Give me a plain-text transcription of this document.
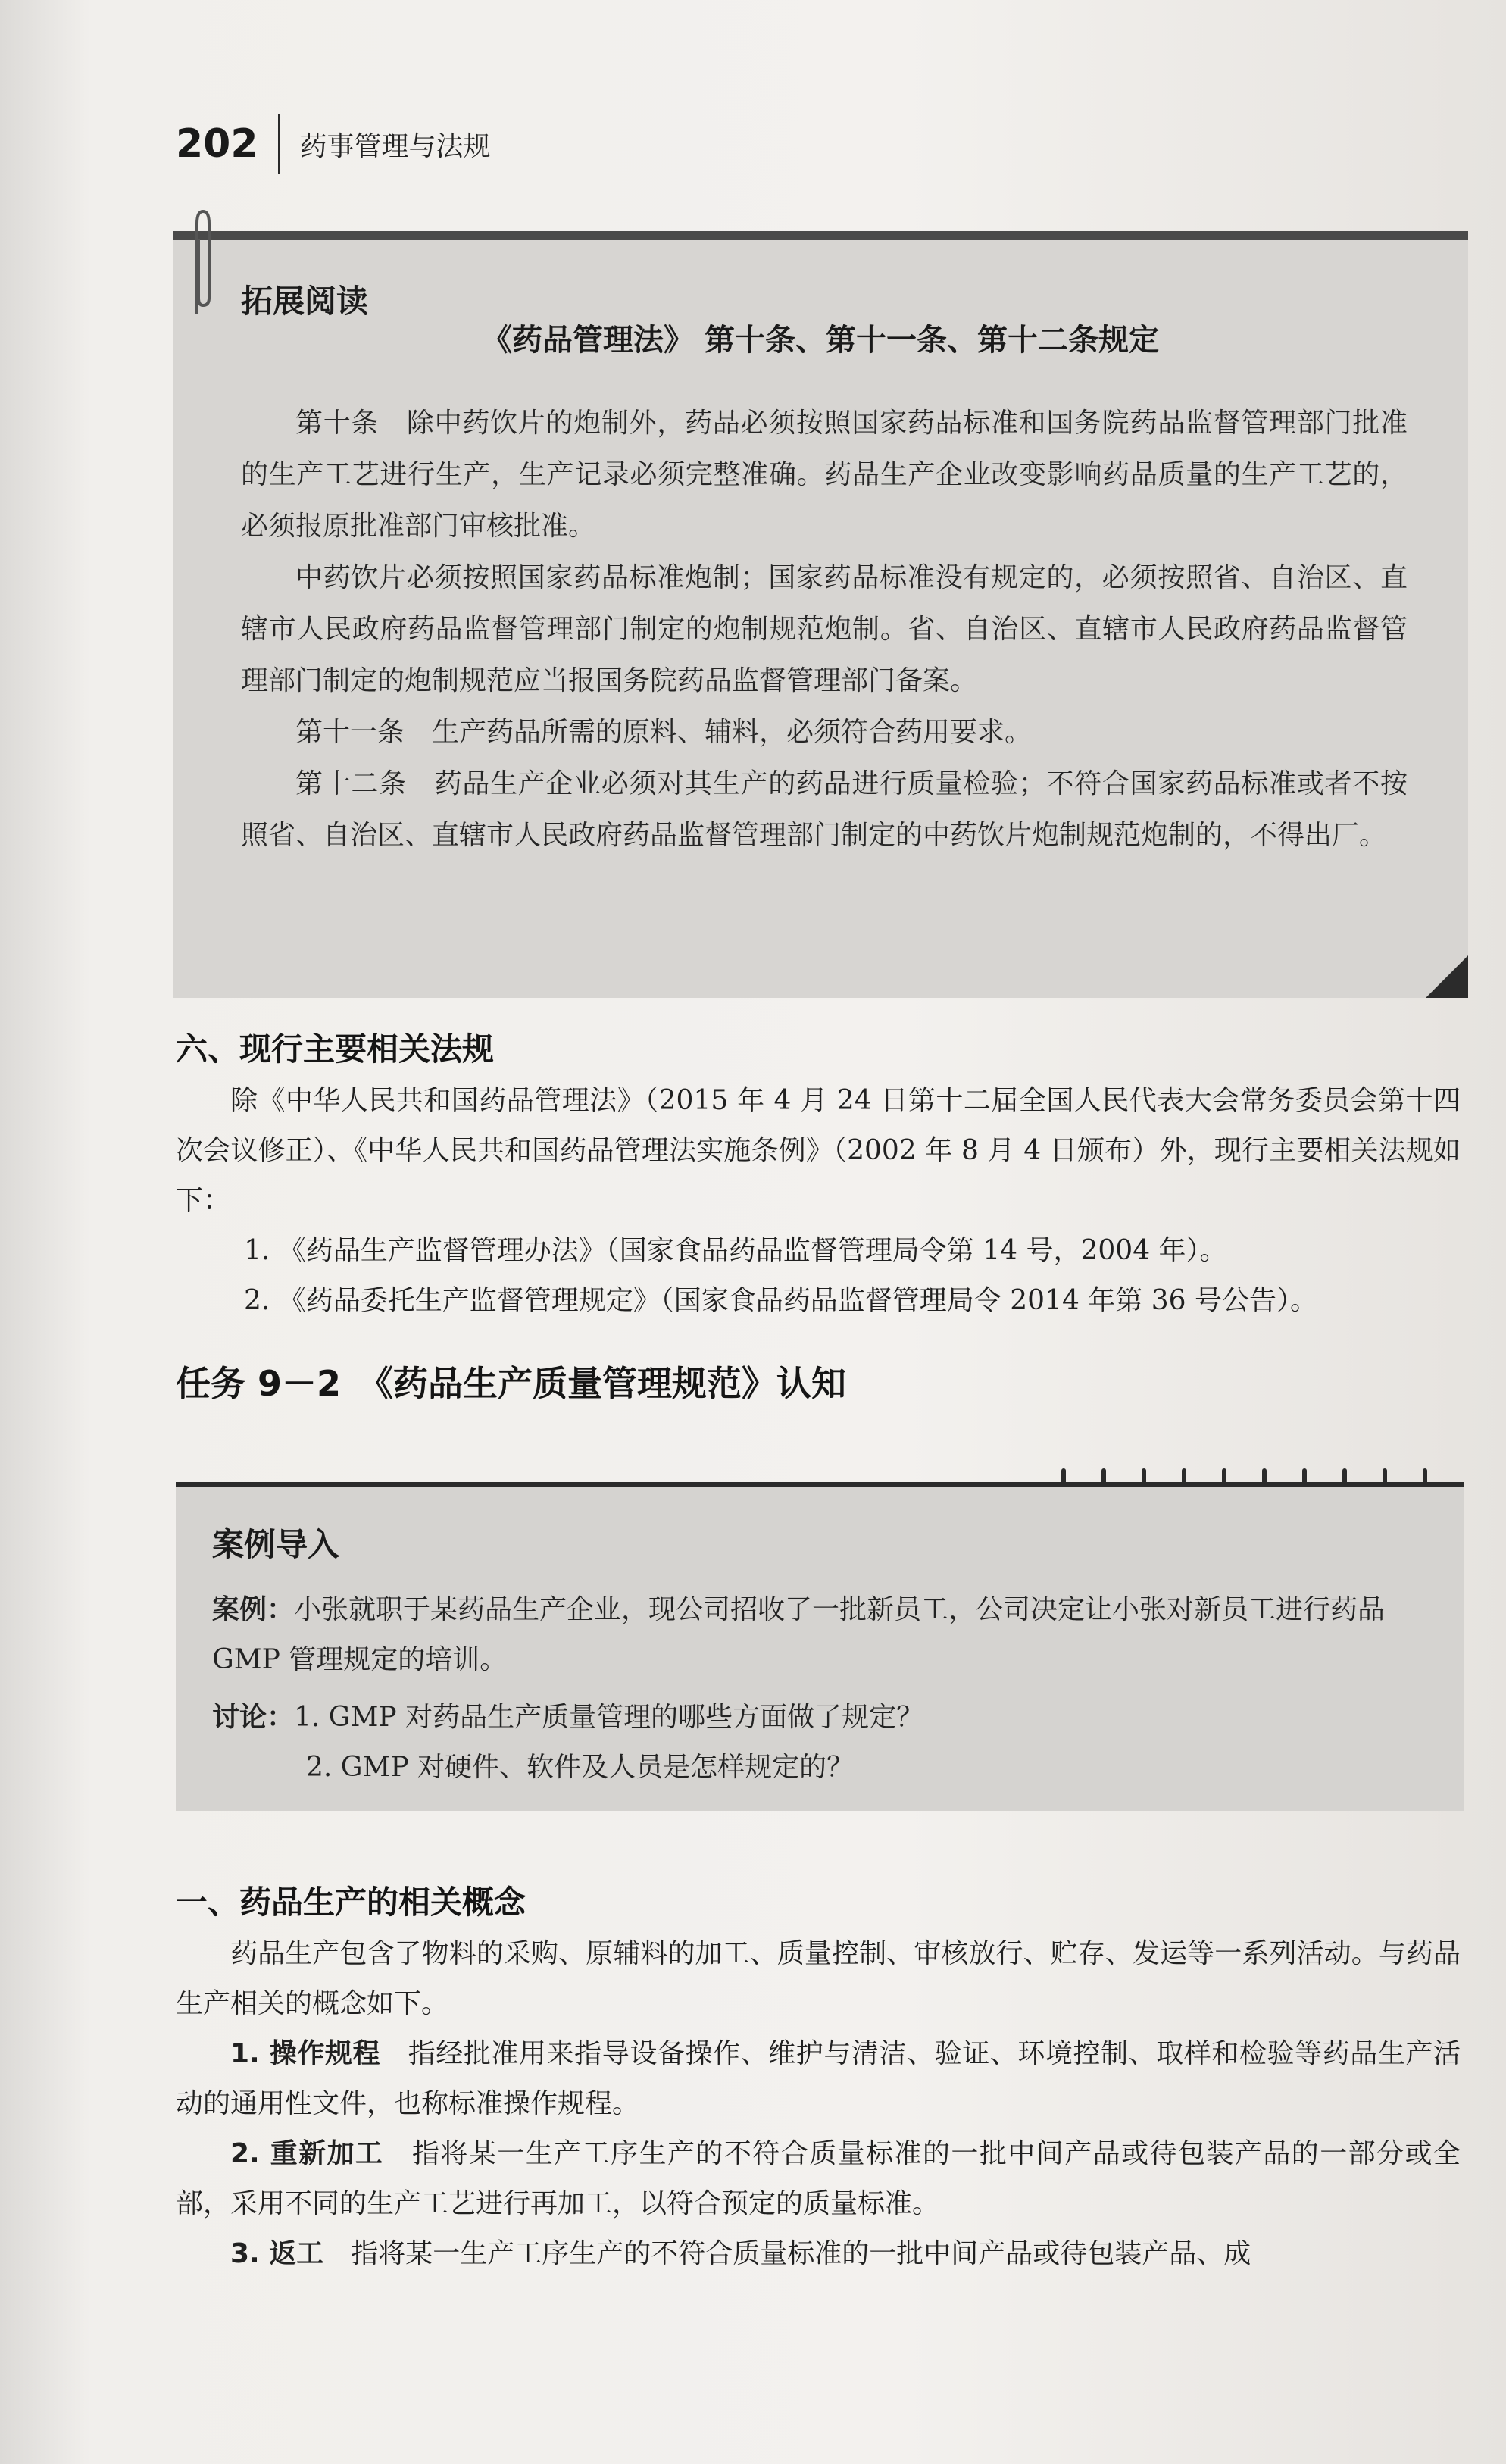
202 药事管理与法规
拓展阅读
《药品管理法》 第十条、第十一条、第十二条规定

第十条　除中药饮片的炮制外，药品必须按照国家药品标准和国务院药品监督管理部门批准的生产工艺进行生产，生产记录必须完整准确。药品生产企业改变影响药品质量的生产工艺的，必须报原批准部门审核批准。

中药饮片必须按照国家药品标准炮制；国家药品标准没有规定的，必须按照省、自治区、直辖市人民政府药品监督管理部门制定的炮制规范炮制。省、自治区、直辖市人民政府药品监督管理部门制定的炮制规范应当报国务院药品监督管理部门备案。

第十一条　生产药品所需的原料、辅料，必须符合药用要求。

第十二条　药品生产企业必须对其生产的药品进行质量检验；不符合国家药品标准或者不按照省、自治区、直辖市人民政府药品监督管理部门制定的中药饮片炮制规范炮制的，不得出厂。

六、现行主要相关法规

除《中华人民共和国药品管理法》（2015 年 4 月 24 日第十二届全国人民代表大会常务委员会第十四次会议修正）、《中华人民共和国药品管理法实施条例》（2002 年 8 月 4 日颁布）外，现行主要相关法规如下：

1. 《药品生产监督管理办法》（国家食品药品监督管理局令第 14 号，2004 年）。

2. 《药品委托生产监督管理规定》（国家食品药品监督管理局令 2014 年第 36 号公告）。

任务 9－2　《药品生产质量管理规范》认知
案例导入

案例：小张就职于某药品生产企业，现公司招收了一批新员工，公司决定让小张对新员工进行药品 GMP 管理规定的培训。

讨论：1. GMP 对药品生产质量管理的哪些方面做了规定？

2. GMP 对硬件、软件及人员是怎样规定的？

一、药品生产的相关概念

药品生产包含了物料的采购、原辅料的加工、质量控制、审核放行、贮存、发运等一系列活动。与药品生产相关的概念如下。

1. 操作规程　 指经批准用来指导设备操作、维护与清洁、验证、环境控制、取样和检验等药品生产活动的通用性文件，也称标准操作规程。

2. 重新加工　 指将某一生产工序生产的不符合质量标准的一批中间产品或待包装产品的一部分或全部，采用不同的生产工艺进行再加工，以符合预定的质量标准。

3. 返工　 指将某一生产工序生产的不符合质量标准的一批中间产品或待包装产品、成
